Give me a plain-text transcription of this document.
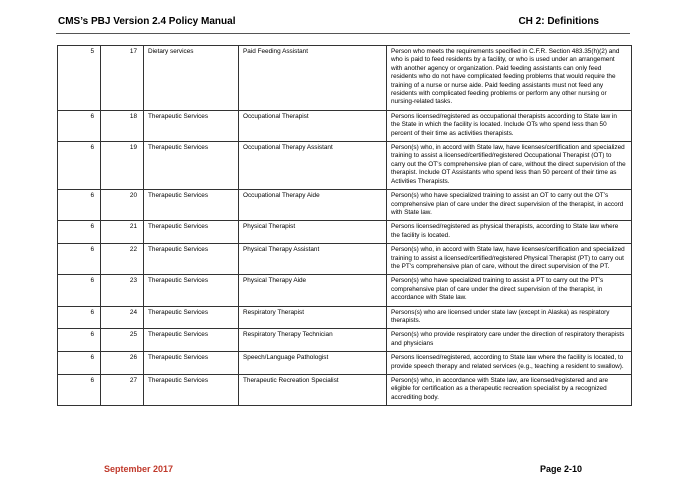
CMS’s PBJ Version 2.4 Policy Manual	CH 2: Definitions
5	17	Dietary services	Paid Feeding Assistant	Person who meets the requirements specified in C.F.R. Section 483.35(h)(2) and who is paid to feed residents by a facility, or who is used under an arrangement with another agency or organization. Paid feeding assistants can only feed residents who do not have complicated feeding problems that would require the training of a nurse or nurse aide. Paid feeding assistants must not feed any residents with complicated feeding problems or perform any other nursing or nursing-related tasks.
6	18	Therapeutic Services	Occupational Therapist	Persons licensed/registered as occupational therapists according to State law in the State in which the facility is located. Include OTs who spend less than 50 percent of their time as activities therapists.
6	19	Therapeutic Services	Occupational Therapy Assistant	Person(s) who, in accord with State law, have licenses/certification and specialized training to assist a licensed/certified/registered Occupational Therapist (OT) to carry out the OT’s comprehensive plan of care, without the direct supervision of the therapist. Include OT Assistants who spend less than 50 percent of their time as Activities Therapists.
6	20	Therapeutic Services	Occupational Therapy Aide	Person(s) who have specialized training to assist an OT to carry out the OT’s comprehensive plan of care under the direct supervision of the therapist, in accord with State law.
6	21	Therapeutic Services	Physical Therapist	Persons licensed/registered as physical therapists, according to State law where the facility is located.
6	22	Therapeutic Services	Physical Therapy Assistant	Person(s) who, in accord with State law, have licenses/certification and specialized training to assist a licensed/certified/registered Physical Therapist (PT) to carry out the PT's comprehensive plan of care, without the direct supervision of the PT.
6	23	Therapeutic Services	Physical Therapy Aide	Person(s) who have specialized training to assist a PT to carry out the PT’s comprehensive plan of care under the direct supervision of the therapist, in accordance with State law.
6	24	Therapeutic Services	Respiratory Therapist	Persons(s) who are licensed under state law (except in Alaska) as respiratory therapists.
6	25	Therapeutic Services	Respiratory Therapy Technician	Person(s) who provide respiratory care under the direction of respiratory therapists and physicians
6	26	Therapeutic Services	Speech/Language Pathologist	Persons licensed/registered, according to State law where the facility is located, to provide speech therapy and related services (e.g., teaching a resident to swallow).
6	27	Therapeutic Services	Therapeutic Recreation Specialist	Person(s) who, in accordance with State law, are licensed/registered and are eligible for certification as a therapeutic recreation specialist by a recognized accrediting body.
September 2017	Page 2-10
